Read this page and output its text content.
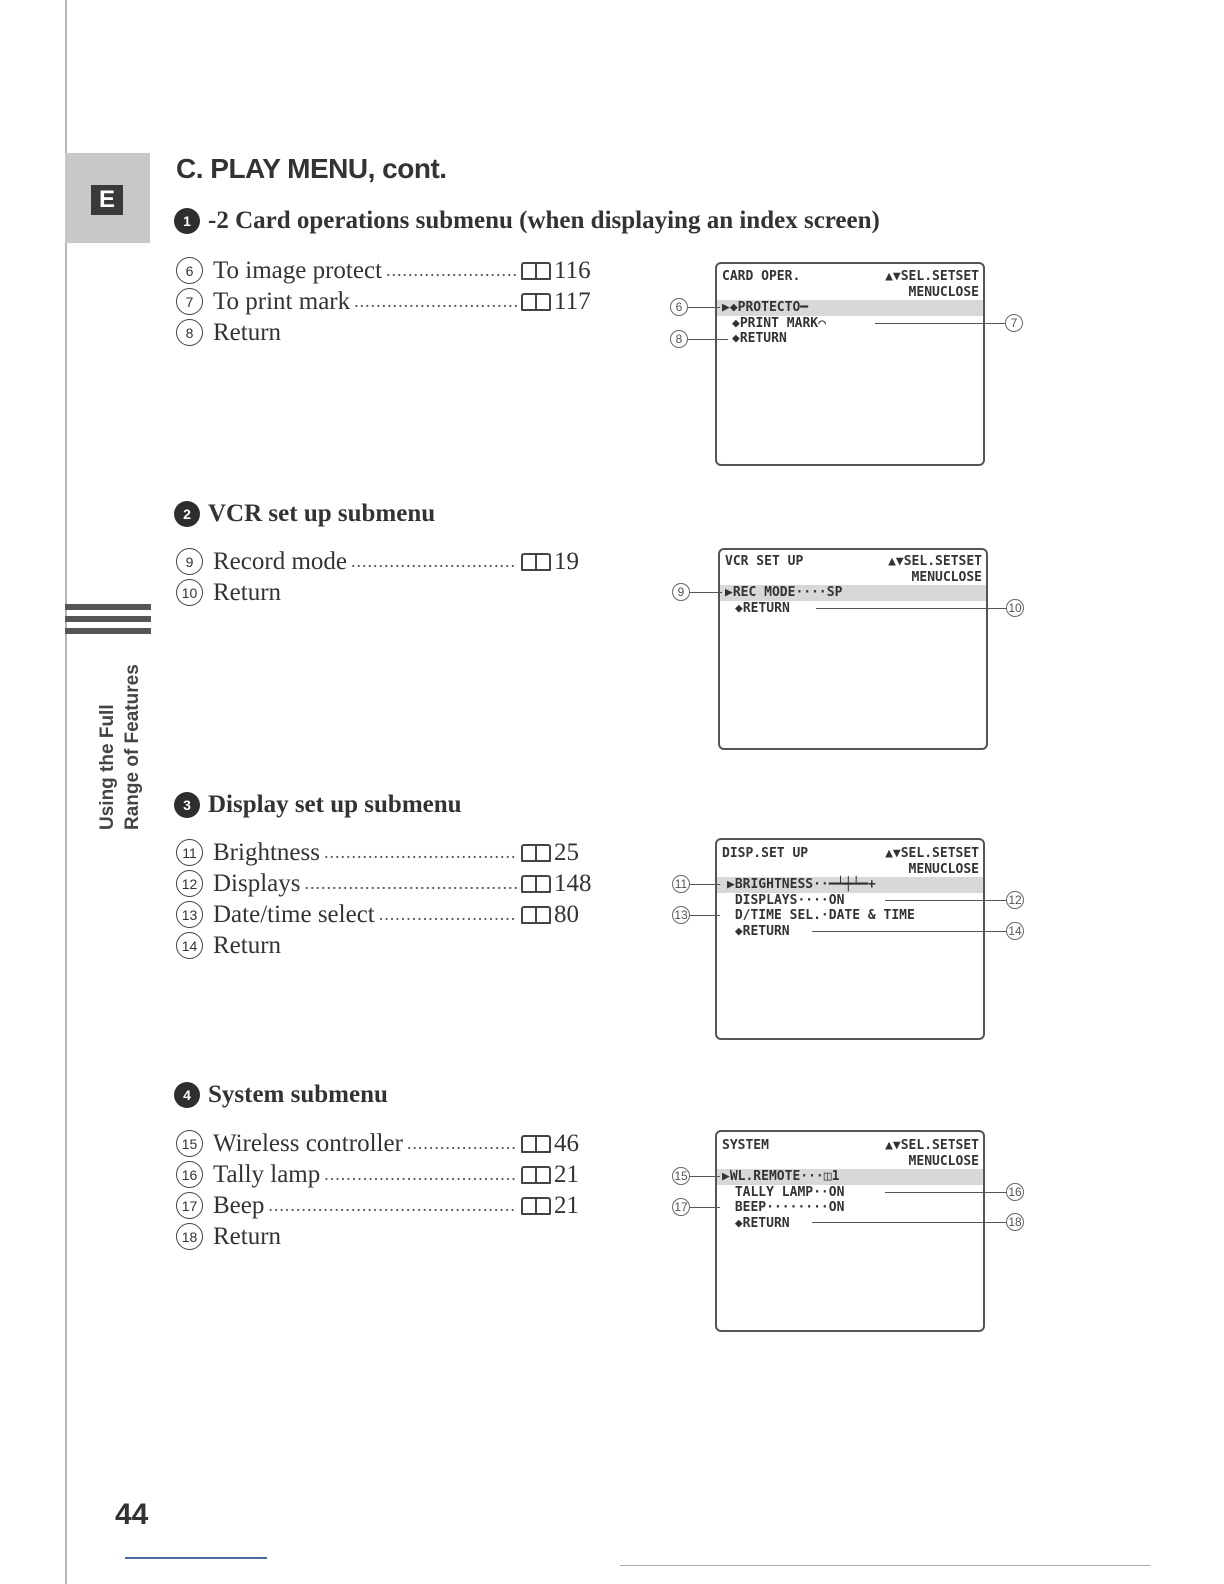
E
Using the Full Range of Features
C. PLAY MENU, cont.
1 -2 Card operations submenu (when displaying an index screen)
6 To image protect .....	116
7 To print mark .....	117
8 Return
CARD OPER.	▲▼SEL.SETSET
MENUCLOSE
▶◆PROTECTO━
◆PRINT MARK⌒
◆RETURN
6
8
7
2 VCR set up submenu
9 Record mode .....	19
10 Return
VCR SET UP	▲▼SEL.SETSET
MENUCLOSE
▶REC MODE····SP
◆RETURN
9
10
3 Display set up submenu
11 Brightness .....	25
12 Displays .....	148
13 Date/time select .....	80
14 Return
DISP.SET UP	▲▼SEL.SETSET
MENUCLOSE
▶BRIGHTNESS··━┷┿┷━+
DISPLAYS····ON
D/TIME SEL.·DATE & TIME
◆RETURN
11
13
12
14
4 System submenu
15 Wireless controller .....	46
16 Tally lamp .....	21
17 Beep .....	21
18 Return
SYSTEM	▲▼SEL.SETSET
MENUCLOSE
▶WL.REMOTE···◫1
TALLY LAMP··ON
BEEP········ON
◆RETURN
15
17
16
18
44
